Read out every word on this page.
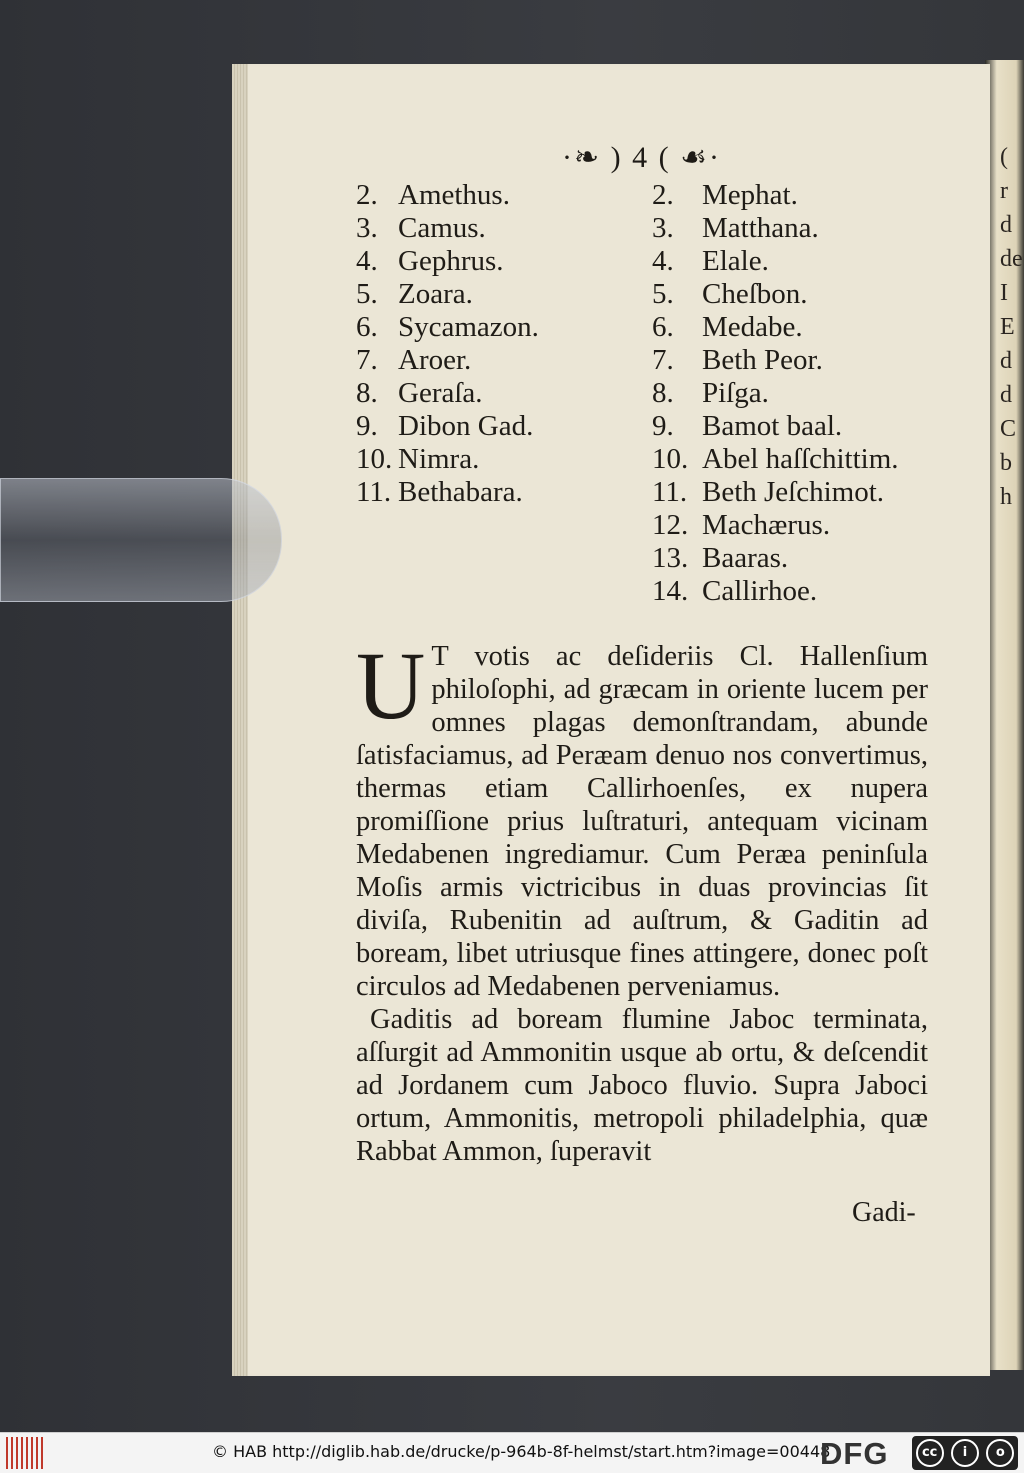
(
r
d
de
I
E
d
d
C
b
h
·❧ ) 4 ( ☙·
2. Amethus.
3. Camus.
4. Gephrus.
5. Zoara.
6. Sycamazon.
7. Aroer.
8. Geraſa.
9. Dibon Gad.
10. Nimra.
11. Bethabara.
2. Mephat.
3. Matthana.
4. Elale.
5. Cheſbon.
6. Medabe.
7. Beth Peor.
8. Piſga.
9. Bamot baal.
10. Abel haſſchittim.
11. Beth Jeſchimot.
12. Machærus.
13. Baaras.
14. Callirhoe.

U T votis ac deſideriis Cl. Hallenſium philoſophi, ad græcam in oriente lucem per omnes plagas demonſtrandam, abunde ſatisfaciamus, ad Peræam denuo nos convertimus, thermas etiam Callirhoenſes, ex nupera promiſſione prius luſtraturi, antequam vicinam Medabenen ingrediamur. Cum Peræa peninſula Moſis armis victricibus in duas provincias ſit diviſa, Rubenitin ad auſtrum, & Gaditin ad boream, libet utriusque fines attingere, donec poſt circulos ad Medabenen perveniamus.

Gaditis ad boream flumine Jaboc terminata, aſſurgit ad Ammonitin usque ab ortu, & deſcendit ad Jordanem cum Jaboco fluvio. Supra Jaboci ortum, Ammonitis, metropoli philadelphia, quæ Rabbat Ammon, ſuperavit

Gadi-
© HAB http://diglib.hab.de/drucke/p-964b-8f-helmst/start.htm?image=00448
DFG	cc	i	o
